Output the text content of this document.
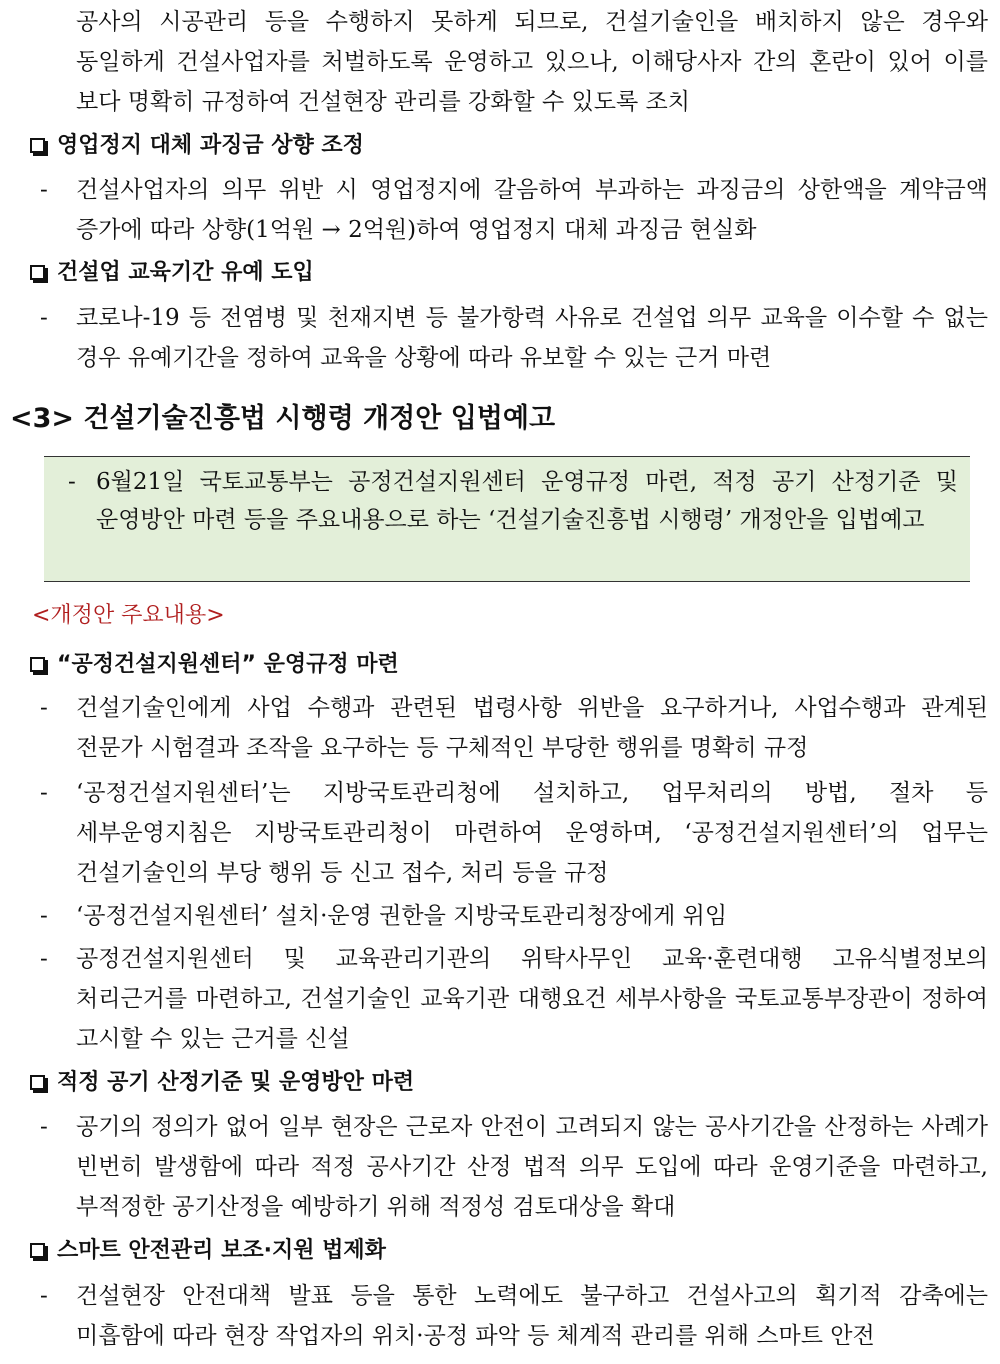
공사의 시공관리 등을 수행하지 못하게 되므로, 건설기술인을 배치하지 않은 경우와 동일하게 건설사업자를 처벌하도록 운영하고 있으나, 이해당사자 간의 혼란이 있어 이를 보다 명확히 규정하여 건설현장 관리를 강화할 수 있도록 조치
영업정지 대체 과징금 상향 조정
- 건설사업자의 의무 위반 시 영업정지에 갈음하여 부과하는 과징금의 상한액을 계약금액 증가에 따라 상향(1억원 → 2억원)하여 영업정지 대체 과징금 현실화
건설업 교육기간 유예 도입
- 코로나-19 등 전염병 및 천재지변 등 불가항력 사유로 건설업 의무 교육을 이수할 수 없는 경우 유예기간을 정하여 교육을 상황에 따라 유보할 수 있는 근거 마련
<3> 건설기술진흥법 시행령 개정안 입법예고
- 6월21일 국토교통부는 공정건설지원센터 운영규정 마련, 적정 공기 산정기준 및 운영방안 마련 등을 주요내용으로 하는 ‘건설기술진흥법 시행령’ 개정안을 입법예고
<개정안 주요내용>
“공정건설지원센터” 운영규정 마련
- 건설기술인에게 사업 수행과 관련된 법령사항 위반을 요구하거나, 사업수행과 관계된 전문가 시험결과 조작을 요구하는 등 구체적인 부당한 행위를 명확히 규정
- ‘공정건설지원센터’는 지방국토관리청에 설치하고, 업무처리의 방법, 절차 등 세부운영지침은 지방국토관리청이 마련하여 운영하며, ‘공정건설지원센터’의 업무는 건설기술인의 부당 행위 등 신고 접수, 처리 등을 규정
- ‘공정건설지원센터’ 설치·운영 권한을 지방국토관리청장에게 위임
- 공정건설지원센터 및 교육관리기관의 위탁사무인 교육·훈련대행 고유식별정보의 처리근거를 마련하고, 건설기술인 교육기관 대행요건 세부사항을 국토교통부장관이 정하여 고시할 수 있는 근거를 신설
적정 공기 산정기준 및 운영방안 마련
- 공기의 정의가 없어 일부 현장은 근로자 안전이 고려되지 않는 공사기간을 산정하는 사례가 빈번히 발생함에 따라 적정 공사기간 산정 법적 의무 도입에 따라 운영기준을 마련하고, 부적정한 공기산정을 예방하기 위해 적정성 검토대상을 확대
스마트 안전관리 보조·지원 법제화
- 건설현장 안전대책 발표 등을 통한 노력에도 불구하고 건설사고의 획기적 감축에는 미흡함에 따라 현장 작업자의 위치·공정 파악 등 체계적 관리를 위해 스마트 안전
